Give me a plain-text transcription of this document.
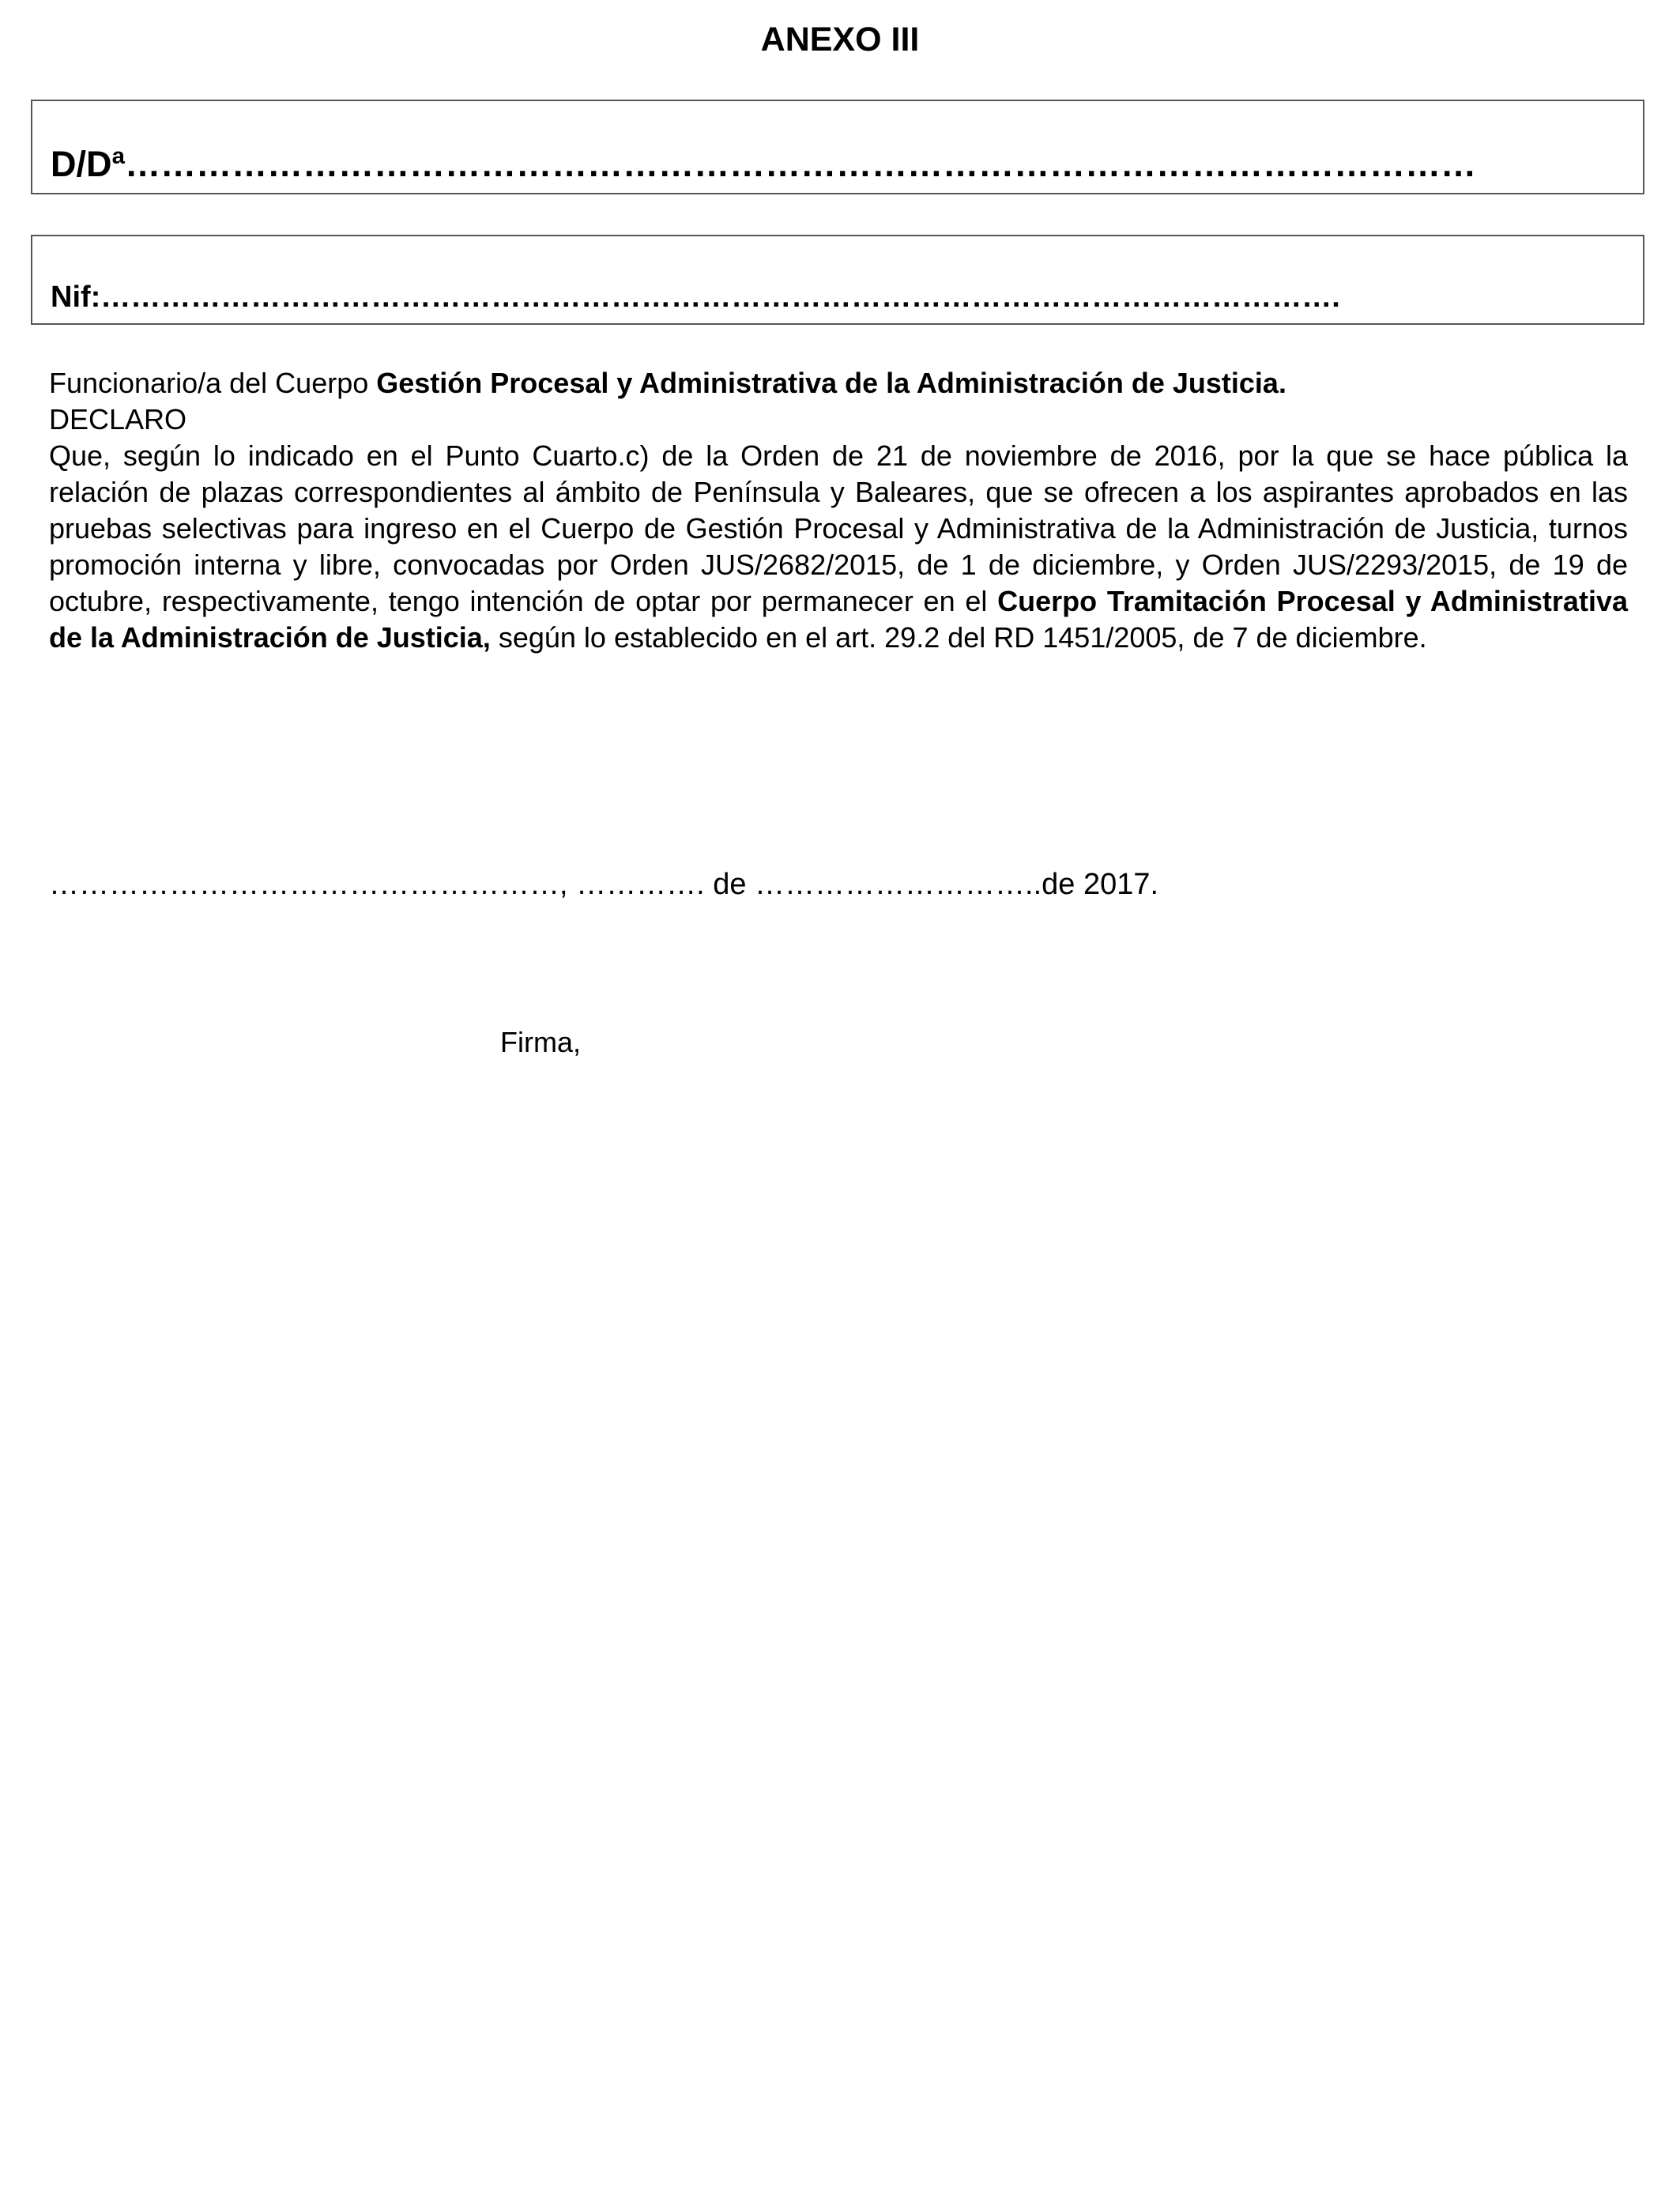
ANEXO III
D/Dª……………………………………………………………………………………………………
Nif:…………………………………………………………………………………………………………….

Funcionario/a del Cuerpo Gestión Procesal y Administrativa de la Administración de Justicia.

DECLARO

Que, según lo indicado en el Punto Cuarto.c) de la Orden de 21 de noviembre de 2016, por la que se hace pública la relación de plazas correspondientes al ámbito de Península y Baleares, que se ofrecen a los aspirantes aprobados en las pruebas selectivas para ingreso en el Cuerpo de Gestión Procesal y Administrativa de la Administración de Justicia, turnos promoción interna y libre, convocadas por Orden JUS/2682/2015, de 1 de diciembre, y Orden JUS/2293/2015, de 19 de octubre, respectivamente, tengo intención de optar por permanecer en el Cuerpo Tramitación Procesal y Administrativa de la Administración de Justicia, según lo establecido en el art. 29.2 del RD 1451/2005, de 7 de diciembre.

……………………………………………, …………. de ………………………..de 2017.
Firma,
